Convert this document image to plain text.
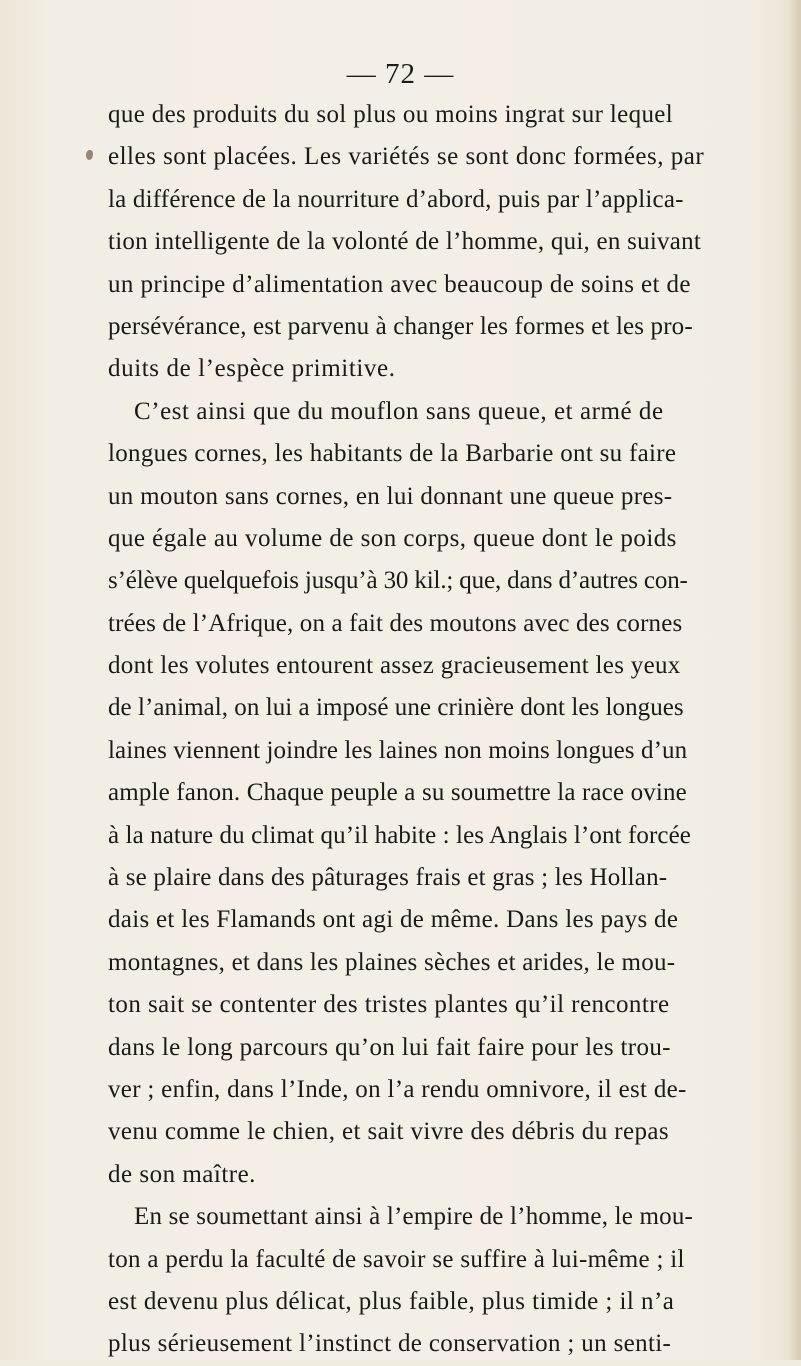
— 72 —
que des produits du sol plus ou moins ingrat sur lequel
elles sont placées. Les variétés se sont donc formées, par
la différence de la nourriture d’abord, puis par l’applica-
tion intelligente de la volonté de l’homme, qui, en suivant
un principe d’alimentation avec beaucoup de soins et de
persévérance, est parvenu à changer les formes et les pro-
duits de l’espèce primitive.
C’est ainsi que du mouflon sans queue, et armé de
longues cornes, les habitants de la Barbarie ont su faire
un mouton sans cornes, en lui donnant une queue pres-
que égale au volume de son corps, queue dont le poids
s’élève quelquefois jusqu’à 30 kil.; que, dans d’autres con-
trées de l’Afrique, on a fait des moutons avec des cornes
dont les volutes entourent assez gracieusement les yeux
de l’animal, on lui a imposé une crinière dont les longues
laines viennent joindre les laines non moins longues d’un
ample fanon. Chaque peuple a su soumettre la race ovine
à la nature du climat qu’il habite : les Anglais l’ont forcée
à se plaire dans des pâturages frais et gras ; les Hollan-
dais et les Flamands ont agi de même. Dans les pays de
montagnes, et dans les plaines sèches et arides, le mou-
ton sait se contenter des tristes plantes qu’il rencontre
dans le long parcours qu’on lui fait faire pour les trou-
ver ; enfin, dans l’Inde, on l’a rendu omnivore, il est de-
venu comme le chien, et sait vivre des débris du repas
de son maître.
En se soumettant ainsi à l’empire de l’homme, le mou-
ton a perdu la faculté de savoir se suffire à lui-même ; il
est devenu plus délicat, plus faible, plus timide ; il n’a
plus sérieusement l’instinct de conservation ; un senti-
